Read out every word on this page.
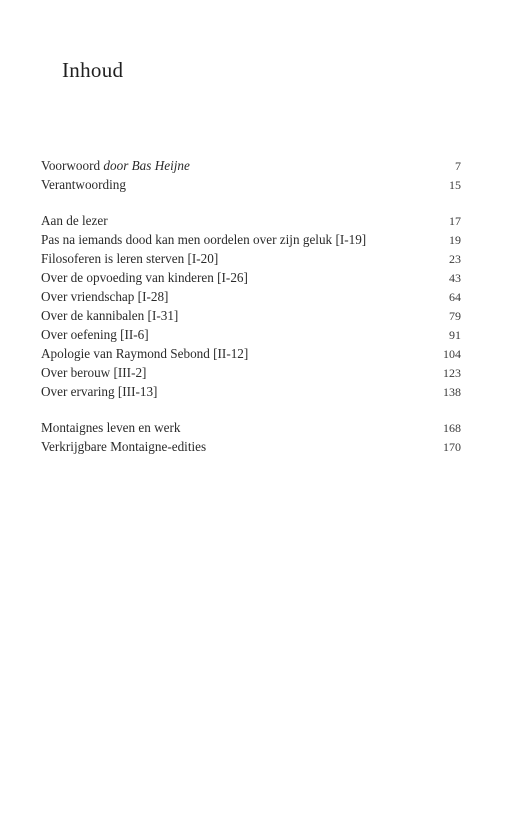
Inhoud
Voorwoord door Bas Heijne	7
Verantwoording	15
Aan de lezer	17
Pas na iemands dood kan men oordelen over zijn geluk [I-19]	19
Filosoferen is leren sterven [I-20]	23
Over de opvoeding van kinderen [I-26]	43
Over vriendschap [I-28]	64
Over de kannibalen [I-31]	79
Over oefening [II-6]	91
Apologie van Raymond Sebond [II-12]	104
Over berouw [III-2]	123
Over ervaring [III-13]	138
Montaignes leven en werk	168
Verkrijgbare Montaigne-edities	170
